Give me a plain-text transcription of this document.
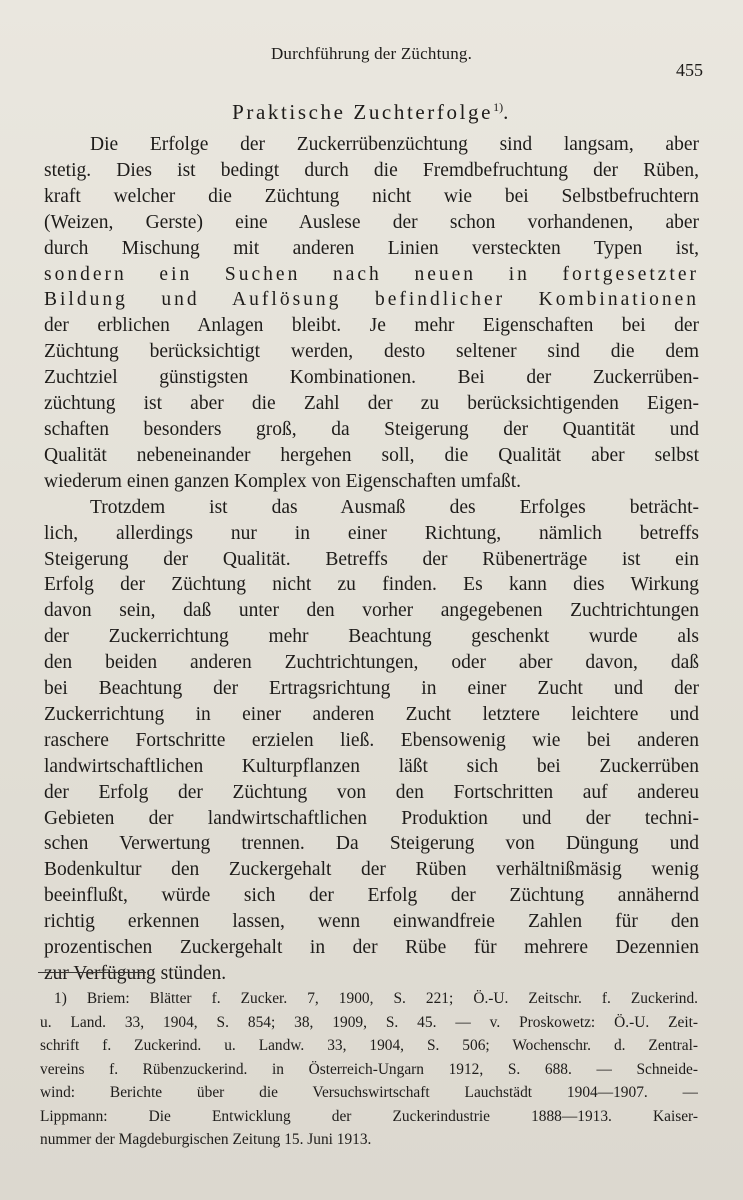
Durchführung der Züchtung.
455
Praktische Zuchterfolge$^{1)}$.
Die Erfolge der Zuckerrübenzüchtung sind langsam, aber
stetig. Dies ist bedingt durch die Fremdbefruchtung der Rüben,
kraft welcher die Züchtung nicht wie bei Selbstbefruchtern
(Weizen, Gerste) eine Auslese der schon vorhandenen, aber
durch Mischung mit anderen Linien versteckten Typen ist,
sondern ein Suchen nach neuen in fortgesetzter
Bildung und Auflösung befindlicher Kombinationen
der erblichen Anlagen bleibt. Je mehr Eigenschaften bei der
Züchtung berücksichtigt werden, desto seltener sind die dem
Zuchtziel günstigsten Kombinationen. Bei der Zuckerrüben-
züchtung ist aber die Zahl der zu berücksichtigenden Eigen-
schaften besonders groß, da Steigerung der Quantität und
Qualität nebeneinander hergehen soll, die Qualität aber selbst
wiederum einen ganzen Komplex von Eigenschaften umfaßt.
Trotzdem ist das Ausmaß des Erfolges beträcht-
lich, allerdings nur in einer Richtung, nämlich betreffs
Steigerung der Qualität. Betreffs der Rübenerträge ist ein
Erfolg der Züchtung nicht zu finden. Es kann dies Wirkung
davon sein, daß unter den vorher angegebenen Zuchtrichtungen
der Zuckerrichtung mehr Beachtung geschenkt wurde als
den beiden anderen Zuchtrichtungen, oder aber davon, daß
bei Beachtung der Ertragsrichtung in einer Zucht und der
Zuckerrichtung in einer anderen Zucht letztere leichtere und
raschere Fortschritte erzielen ließ. Ebensowenig wie bei anderen
landwirtschaftlichen Kulturpflanzen läßt sich bei Zuckerrüben
der Erfolg der Züchtung von den Fortschritten auf andereu
Gebieten der landwirtschaftlichen Produktion und der techni-
schen Verwertung trennen. Da Steigerung von Düngung und
Bodenkultur den Zuckergehalt der Rüben verhältnißmäsig wenig
beeinflußt, würde sich der Erfolg der Züchtung annähernd
richtig erkennen lassen, wenn einwandfreie Zahlen für den
prozentischen Zuckergehalt in der Rübe für mehrere Dezennien
zur Verfügung stünden.
1) Briem: Blätter f. Zucker. 7, 1900, S. 221; Ö.-U. Zeitschr. f. Zuckerind.
u. Land. 33, 1904, S. 854; 38, 1909, S. 45. — v. Proskowetz: Ö.-U. Zeit-
schrift f. Zuckerind. u. Landw. 33, 1904, S. 506; Wochenschr. d. Zentral-
vereins f. Rübenzuckerind. in Österreich-Ungarn 1912, S. 688. — Schneide-
wind: Berichte über die Versuchswirtschaft Lauchstädt 1904—1907. —
Lippmann: Die Entwicklung der Zuckerindustrie 1888—1913. Kaiser-
nummer der Magdeburgischen Zeitung 15. Juni 1913.
